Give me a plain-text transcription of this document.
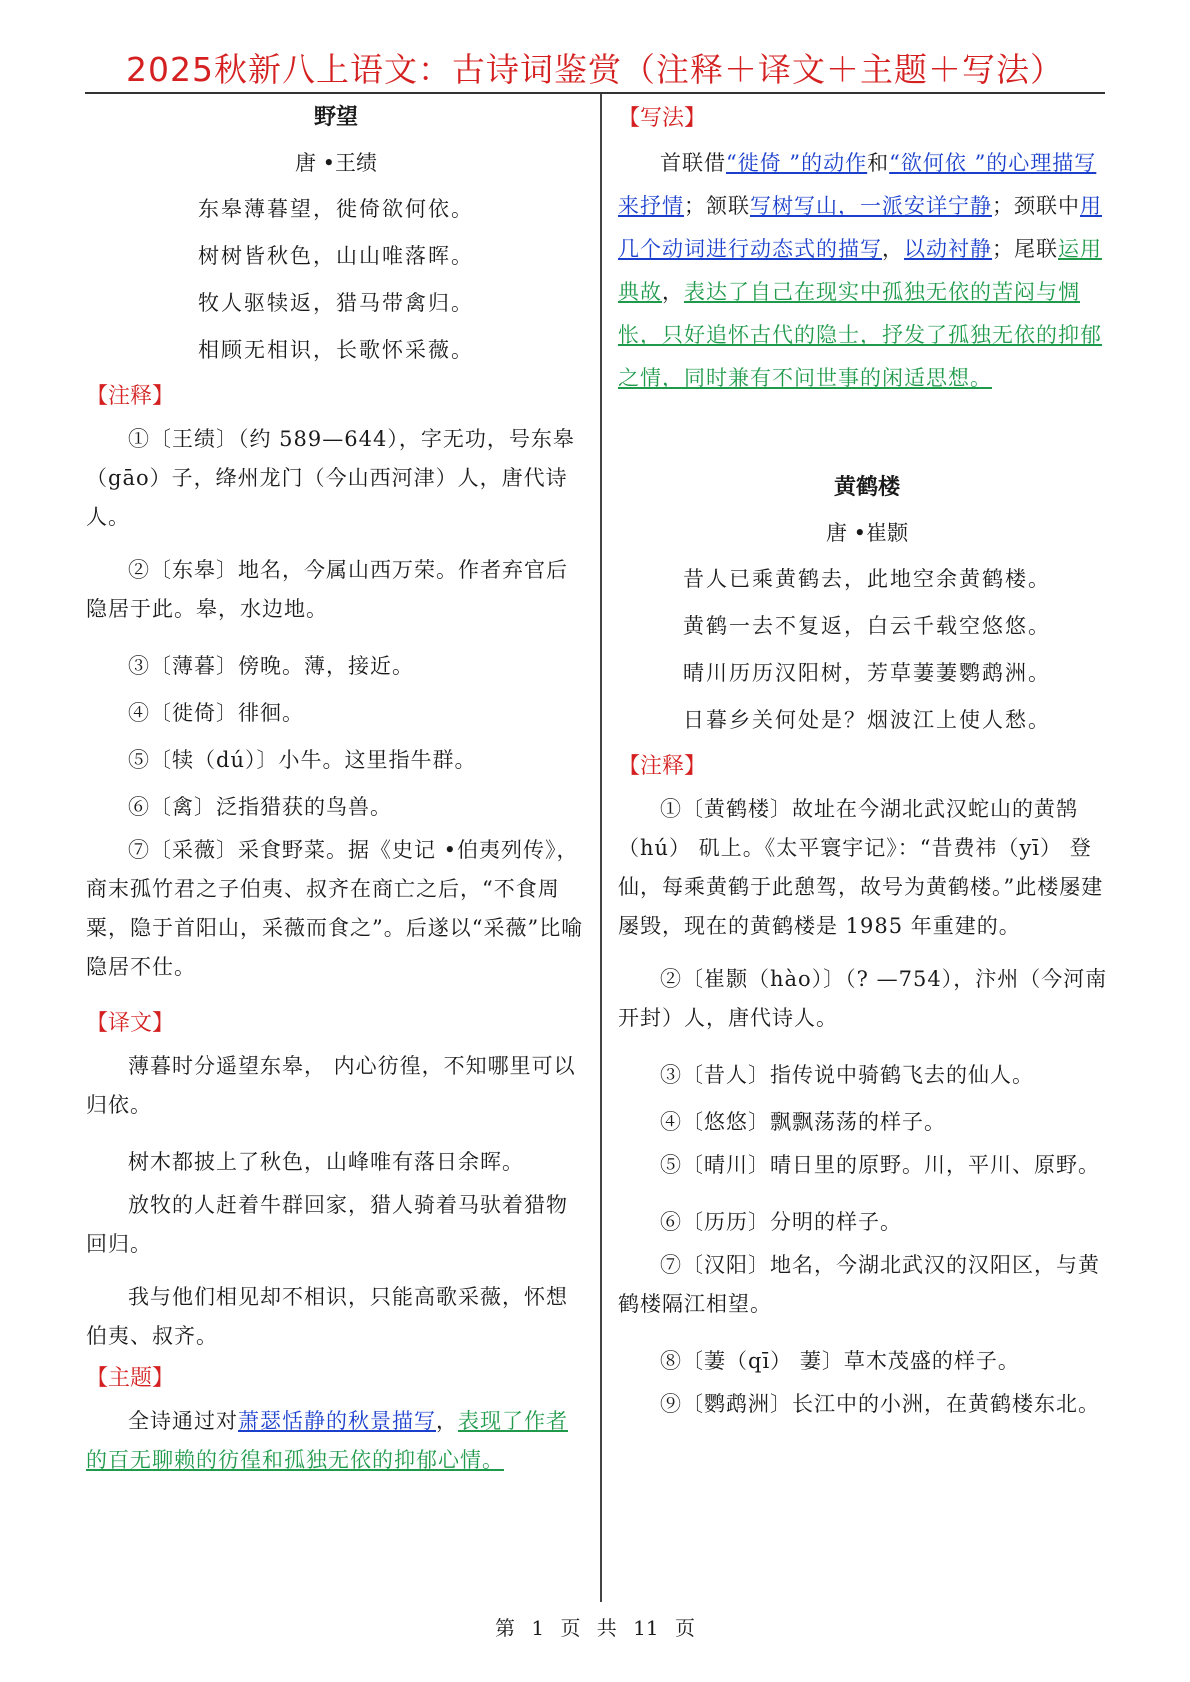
2025秋新八上语文：古诗词鉴赏（注释＋译文＋主题＋写法）

野望

唐 •王绩

东皋薄暮望，徙倚欲何依。

树树皆秋色，山山唯落晖。

牧人驱犊返，猎马带禽归。

相顾无相识，长歌怀采薇。

【注释】

①〔王绩〕（约 589—644），字无功，号东皋（gāo）子，绛州龙门（今山西河津）人，唐代诗人。

②〔东皋〕地名，今属山西万荣。作者弃官后隐居于此。皋，水边地。

③〔薄暮〕傍晚。薄，接近。

④〔徙倚〕徘徊。

⑤〔犊（dú）〕小牛。这里指牛群。

⑥〔禽〕泛指猎获的鸟兽。

⑦〔采薇〕采食野菜。据《史记 •伯夷列传》，商末孤竹君之子伯夷、叔齐在商亡之后，“不食周粟，隐于首阳山，采薇而食之”。后遂以“采薇”比喻隐居不仕。

【译文】

薄暮时分遥望东皋， 内心彷徨，不知哪里可以归依。

树木都披上了秋色，山峰唯有落日余晖。

放牧的人赶着牛群回家，猎人骑着马驮着猎物回归。

我与他们相见却不相识，只能高歌采薇，怀想伯夷、叔齐。

【主题】

全诗通过对萧瑟恬静的秋景描写，表现了作者的百无聊赖的彷徨和孤独无依的抑郁心情。

【写法】

首联借“徙倚 ”的动作和“欲何依 ”的心理描写来抒情；颔联写树写山，一派安详宁静；颈联中用几个动词进行动态式的描写，以动衬静；尾联运用典故，表达了自己在现实中孤独无依的苦闷与惆怅，只好追怀古代的隐士，抒发了孤独无依的抑郁之情，同时兼有不问世事的闲适思想。

黄鹤楼

唐 •崔颢

昔人已乘黄鹤去，此地空余黄鹤楼。

黄鹤一去不复返，白云千载空悠悠。

晴川历历汉阳树，芳草萋萋鹦鹉洲。

日暮乡关何处是？烟波江上使人愁。

【注释】

①〔黄鹤楼〕故址在今湖北武汉蛇山的黄鹄（hú） 矶上。《太平寰宇记》：“昔费祎（yī） 登仙，每乘黄鹤于此憩驾，故号为黄鹤楼。”此楼屡建屡毁，现在的黄鹤楼是 1985 年重建的。

②〔崔颢（hào）〕（? —754），汴州（今河南开封）人，唐代诗人。

③〔昔人〕指传说中骑鹤飞去的仙人。

④〔悠悠〕飘飘荡荡的样子。

⑤〔晴川〕晴日里的原野。川，平川、原野。

⑥〔历历〕分明的样子。

⑦〔汉阳〕地名，今湖北武汉的汉阳区，与黄鹤楼隔江相望。

⑧〔萋（qī） 萋〕草木茂盛的样子。

⑨〔鹦鹉洲〕长江中的小洲，在黄鹤楼东北。

第 1 页 共 11 页
